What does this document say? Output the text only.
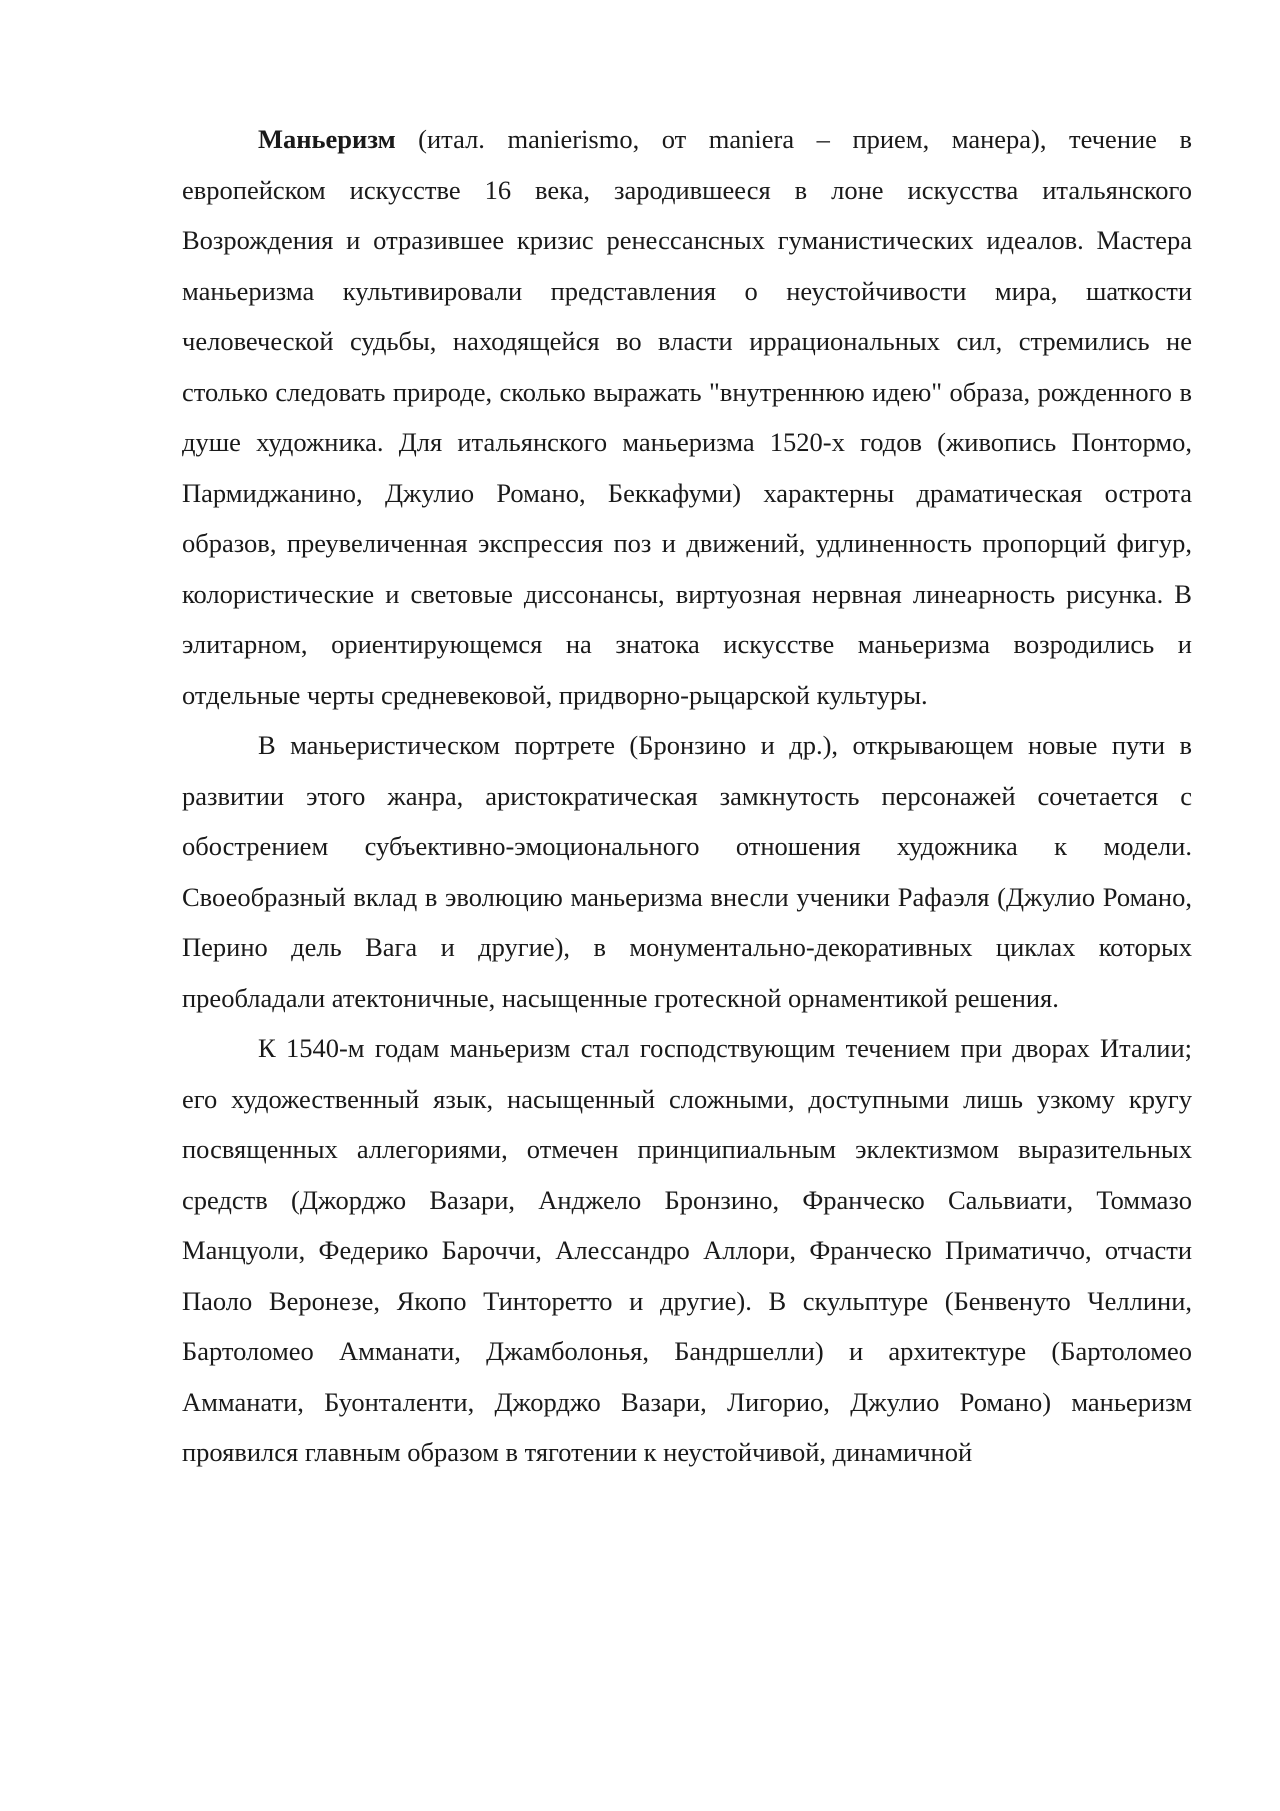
Маньеризм (итал. manierismo, от maniera – прием, манера), течение в европейском искусстве 16 века, зародившееся в лоне искусства итальянского Возрождения и отразившее кризис ренессансных гуманистических идеалов. Мастера маньеризма культивировали представления о неустойчивости мира, шаткости человеческой судьбы, находящейся во власти иррациональных сил, стремились не столько следовать природе, сколько выражать "внутреннюю идею" образа, рожденного в душе художника. Для итальянского маньеризма 1520-х годов (живопись Понтормо, Пармиджанино, Джулио Романо, Беккафуми) характерны драматическая острота образов, преувеличенная экспрессия поз и движений, удлиненность пропорций фигур, колористические и световые диссонансы, виртуозная нервная линеарность рисунка. В элитарном, ориентирующемся на знатока искусстве маньеризма возродились и отдельные черты средневековой, придворно-рыцарской культуры.

В маньеристическом портрете (Бронзино и др.), открывающем новые пути в развитии этого жанра, аристократическая замкнутость персонажей сочетается с обострением субъективно-эмоционального отношения художника к модели. Своеобразный вклад в эволюцию маньеризма внесли ученики Рафаэля (Джулио Романо, Перино дель Вага и другие), в монументально-декоративных циклах которых преобладали атектоничные, насыщенные гротескной орнаментикой решения.

К 1540-м годам маньеризм стал господствующим течением при дворах Италии; его художественный язык, насыщенный сложными, доступными лишь узкому кругу посвященных аллегориями, отмечен принципиальным эклектизмом выразительных средств (Джорджо Вазари, Анджело Бронзино, Франческо Сальвиати, Томмазо Манцуоли, Федерико Бароччи, Алессандро Аллори, Франческо Приматиччо, отчасти Паоло Веронезе, Якопо Тинторетто и другие). В скульптуре (Бенвенуто Челлини, Бартоломео Амманати, Джамболонья, Бандршелли) и архитектуре (Бартоломео Амманати, Буонталенти, Джорджо Вазари, Лигорио, Джулио Романо) маньеризм проявился главным образом в тяготении к неустойчивой, динамичной
